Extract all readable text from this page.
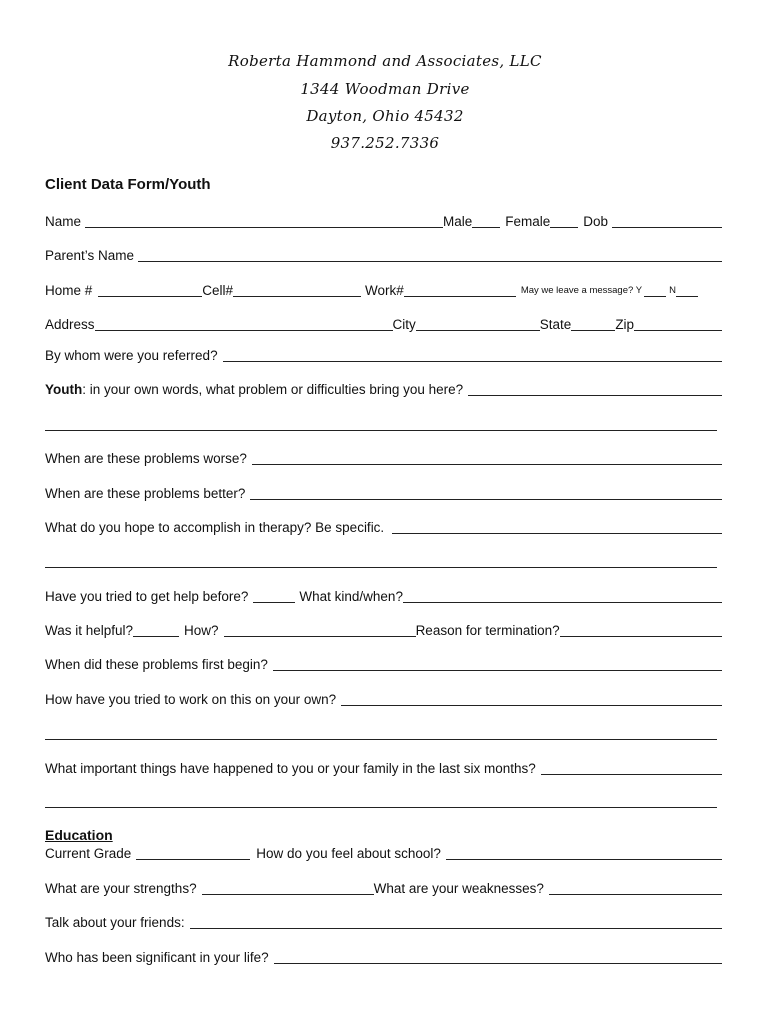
Roberta Hammond and Associates, LLC
1344 Woodman Drive
Dayton, Ohio 45432
937.252.7336
Client Data Form/Youth
Name	Male Female Dob
Parent’s Name
Home #	Cell#	Work#	May we leave a message? Y	N
Address	City	State	Zip
By whom were you referred?
Youth : in your own words, what problem or difficulties bring you here?
When are these problems worse?
When are these problems better?
What do you hope to accomplish in therapy? Be specific.
Have you tried to get help before?	What kind/when?
Was it helpful?	How?	Reason for termination?
When did these problems first begin?
How have you tried to work on this on your own?
What important things have happened to you or your family in the last six months?
Education
Current Grade	How do you feel about school?
What are your strengths?	What are your weaknesses?
Talk about your friends:
Who has been significant in your life?
